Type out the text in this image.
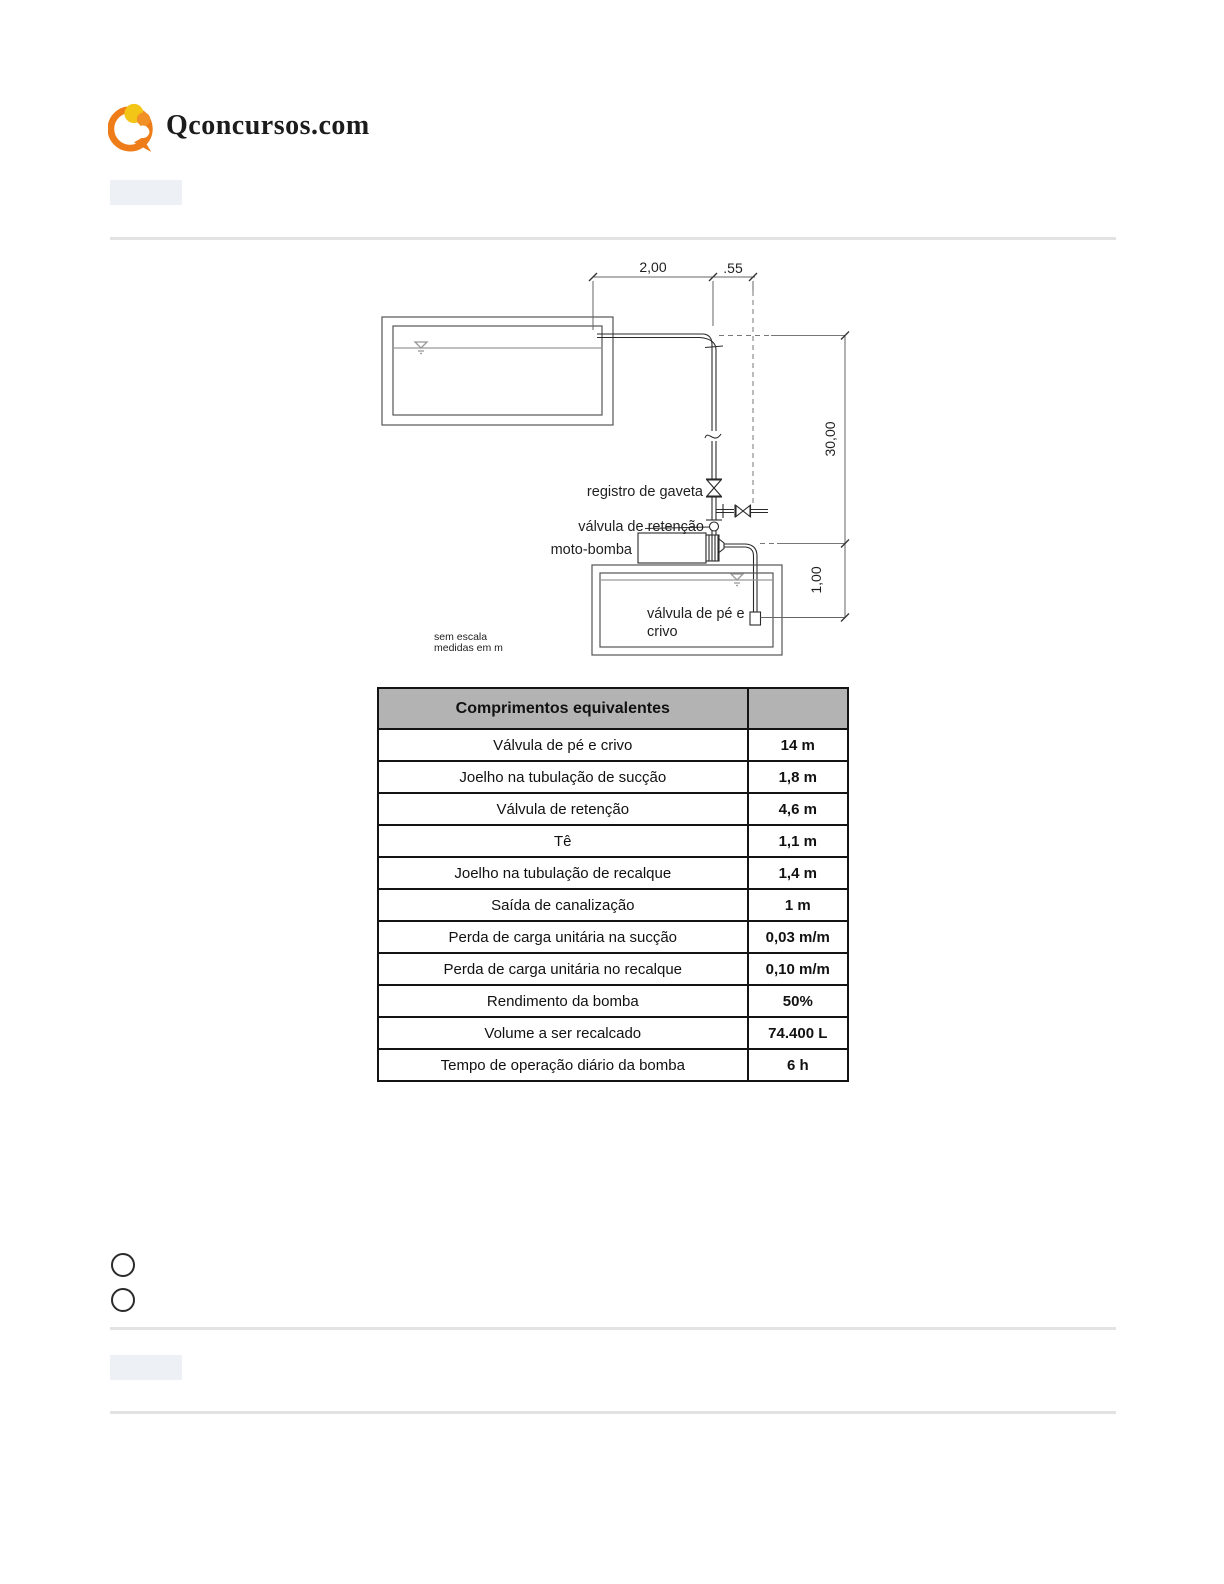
Qconcursos.com
2,00	.55
30,00
1,00
registro de gaveta
válvula de retenção
moto-bomba
válvula de pé e
crivo
sem escala
medidas em m
Comprimentos equivalentes	
Válvula de pé e crivo	14 m
Joelho na tubulação de sucção	1,8 m
Válvula de retenção	4,6 m
Tê	1,1 m
Joelho na tubulação de recalque	1,4 m
Saída de canalização	1 m
Perda de carga unitária na sucção	0,03 m/m
Perda de carga unitária no recalque	0,10 m/m
Rendimento da bomba	50%
Volume a ser recalcado	74.400 L
Tempo de operação diário da bomba	6 h
